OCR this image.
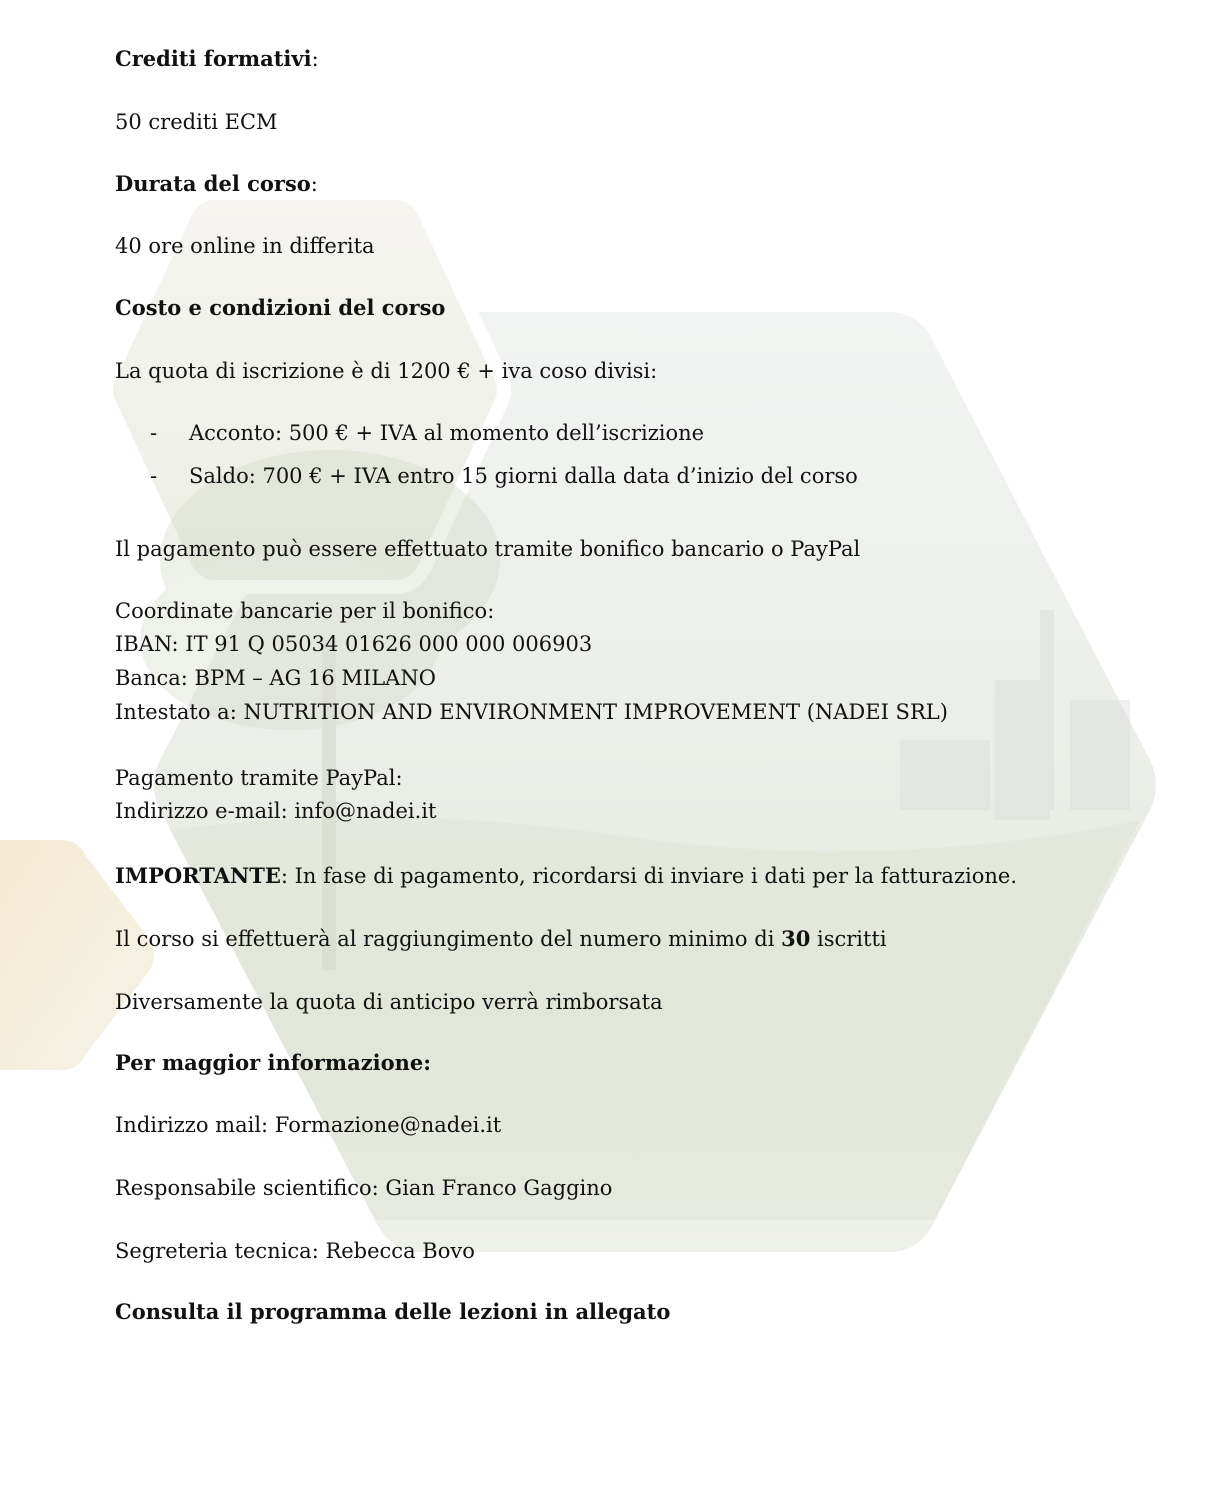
Crediti formativi:
50 crediti ECM
Durata del corso:
40 ore online in differita
Costo e condizioni del corso
La quota di iscrizione è di 1200 € + iva coso divisi:
- Acconto: 500 € + IVA al momento dell’iscrizione
- Saldo: 700 € + IVA entro 15 giorni dalla data d’inizio del corso
Il pagamento può essere effettuato tramite bonifico bancario o PayPal
Coordinate bancarie per il bonifico:
IBAN: IT 91 Q 05034 01626 000 000 006903
Banca: BPM – AG 16 MILANO
Intestato a: NUTRITION AND ENVIRONMENT IMPROVEMENT (NADEI SRL)
Pagamento tramite PayPal:
Indirizzo e-mail: info@nadei.it
IMPORTANTE: In fase di pagamento, ricordarsi di inviare i dati per la fatturazione.
Il corso si effettuerà al raggiungimento del numero minimo di 30 iscritti
Diversamente la quota di anticipo verrà rimborsata
Per maggior informazione:
Indirizzo mail: Formazione@nadei.it
Responsabile scientifico: Gian Franco Gaggino
Segreteria tecnica: Rebecca Bovo
Consulta il programma delle lezioni in allegato
